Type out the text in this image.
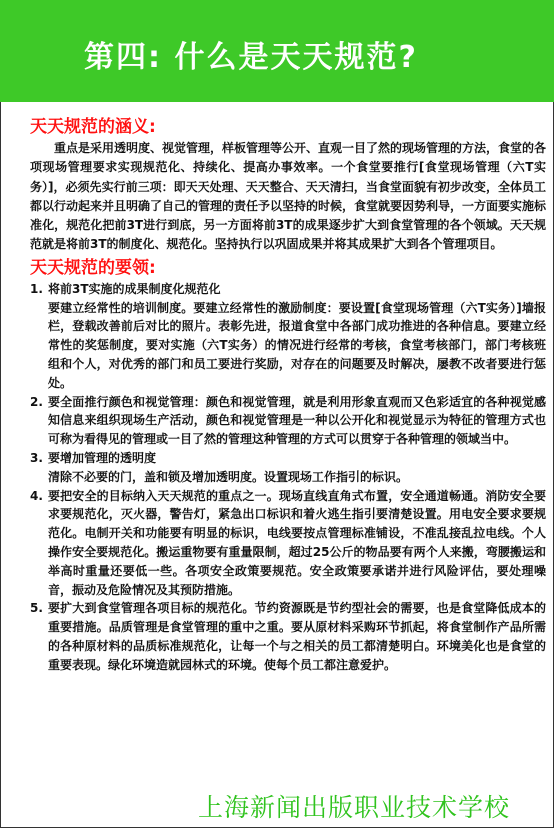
第四: 什么是天天规范?
天天规范的涵义:

重点是采用透明度、视觉管理，样板管理等公开、直观一目了然的现场管理的方法，食堂的各项现场管理要求实现规范化、持续化、提高办事效率。一个食堂要推行[食堂现场管理（六T实务）]，必须先实行前三项：即天天处理、天天整合、天天清扫，当食堂面貌有初步改变，全体员工都以行动起来并且明确了自己的管理的责任予以坚持的时候，食堂就要因势利导，一方面要实施标准化，规范化把前3T进行到底，另一方面将前3T的成果逐步扩大到食堂管理的各个领域。天天规范就是将前3T的制度化、规范化。坚持执行以巩固成果并将其成果扩大到各个管理项目。

天天规范的要领:
1. 将前3T实施的成果制度化规范化
要建立经常性的培训制度。要建立经常性的激励制度：要设置[食堂现场管理（六T实务）]墙报栏，登载改善前后对比的照片。表彰先进，报道食堂中各部门成功推进的各种信息。要建立经常性的奖惩制度，要对实施（六T实务）的情况进行经常的考核，食堂考核部门，部门考核班组和个人，对优秀的部门和员工要进行奖励，对存在的问题要及时解决，屡教不改者要进行惩处。
2. 要全面推行颜色和视觉管理：颜色和视觉管理，就是利用形象直观而又色彩适宜的各种视觉感知信息来组织现场生产活动，颜色和视觉管理是一种以公开化和视觉显示为特征的管理方式也可称为看得见的管理或一目了然的管理这种管理的方式可以贯穿于各种管理的领域当中。
3. 要增加管理的透明度
清除不必要的门，盖和锁及增加透明度。设置现场工作指引的标识。
4. 要把安全的目标纳入天天规范的重点之一。现场直线直角式布置，安全通道畅通。消防安全要求要规范化，灭火器，警告灯，紧急出口标识和着火逃生指引要清楚设置。用电安全要求要规范化。电制开关和功能要有明显的标识，电线要按点管理标准铺设，不准乱接乱拉电线。个人操作安全要规范化。搬运重物要有重量限制，超过25公斤的物品要有两个人来搬，弯腰搬运和举高时重量还要低一些。各项安全政策要规范。安全政策要承诺并进行风险评估，要处理噪音，振动及危险情况及其预防措施。
5. 要扩大到食堂管理各项目标的规范化。节约资源既是节约型社会的需要，也是食堂降低成本的重要措施。品质管理是食堂管理的重中之重。要从原材料采购环节抓起，将食堂制作产品所需的各种原材料的品质标准规范化，让每一个与之相关的员工都清楚明白。环境美化也是食堂的重要表现。绿化环境造就园林式的环境。使每个员工都注意爱护。
上海新闻出版职业技术学校
